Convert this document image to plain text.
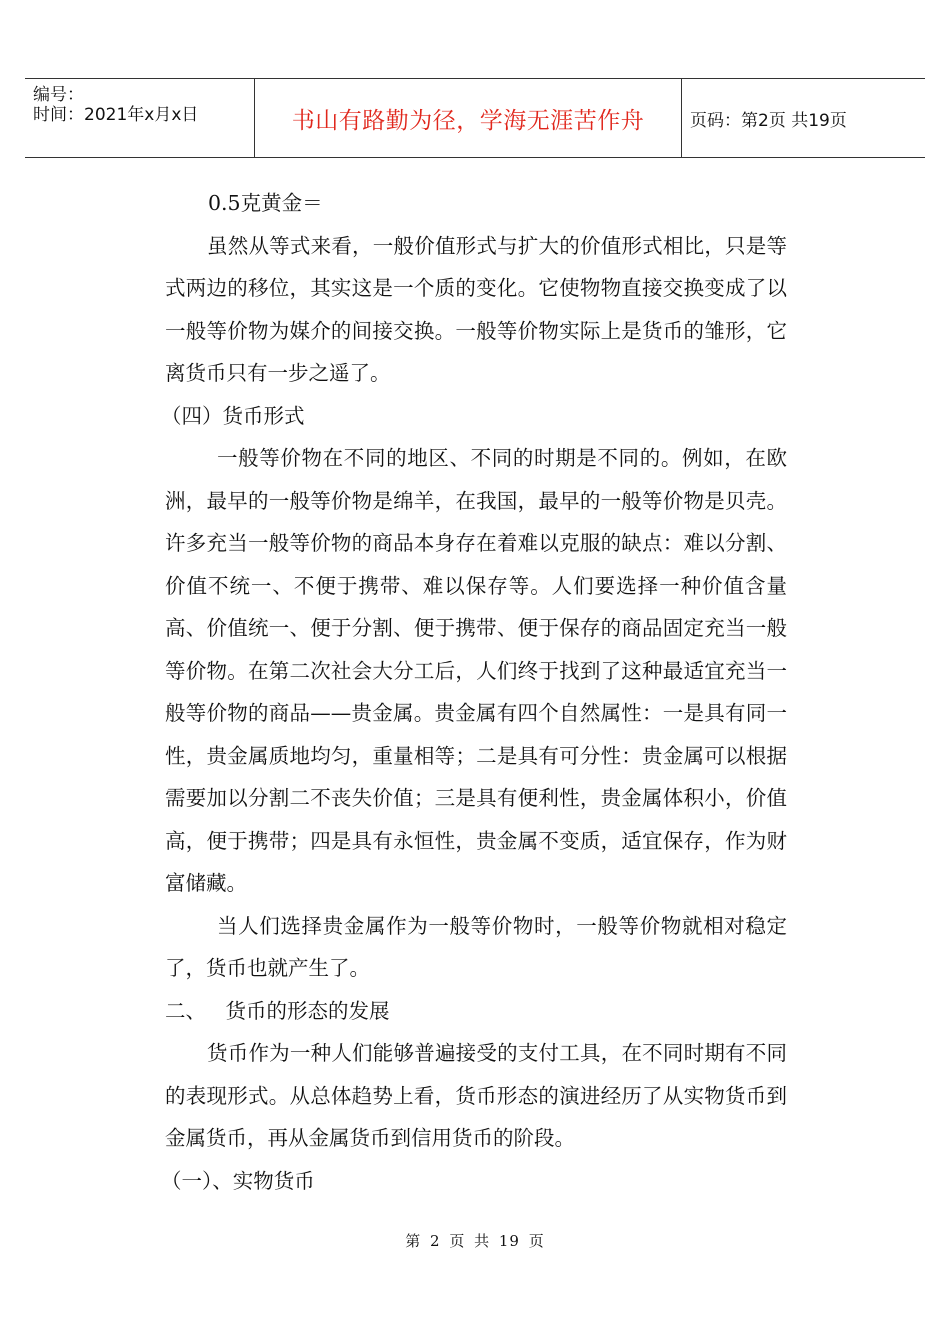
编号：
时间：2021年x月x日	书山有路勤为径，学海无涯苦作舟	页码：第2页 共19页

0.5克黄金＝

虽然从等式来看，一般价值形式与扩大的价值形式相比，只是等式两边的移位，其实这是一个质的变化。它使物物直接交换变成了以一般等价物为媒介的间接交换。一般等价物实际上是货币的雏形，它离货币只有一步之遥了。

（四）货币形式

一般等价物在不同的地区、不同的时期是不同的。例如，在欧洲，最早的一般等价物是绵羊，在我国，最早的一般等价物是贝壳。许多充当一般等价物的商品本身存在着难以克服的缺点：难以分割、价值不统一、不便于携带、难以保存等。人们要选择一种价值含量高、价值统一、便于分割、便于携带、便于保存的商品固定充当一般等价物。在第二次社会大分工后，人们终于找到了这种最适宜充当一般等价物的商品——贵金属。贵金属有四个自然属性：一是具有同一性，贵金属质地均匀，重量相等；二是具有可分性：贵金属可以根据需要加以分割二不丧失价值；三是具有便利性，贵金属体积小，价值高，便于携带；四是具有永恒性，贵金属不变质，适宜保存，作为财富储藏。

当人们选择贵金属作为一般等价物时，一般等价物就相对稳定了，货币也就产生了。

二、   货币的形态的发展

货币作为一种人们能够普遍接受的支付工具，在不同时期有不同的表现形式。从总体趋势上看，货币形态的演进经历了从实物货币到金属货币，再从金属货币到信用货币的阶段。

（一）、实物货币

第 2 页 共 19 页
